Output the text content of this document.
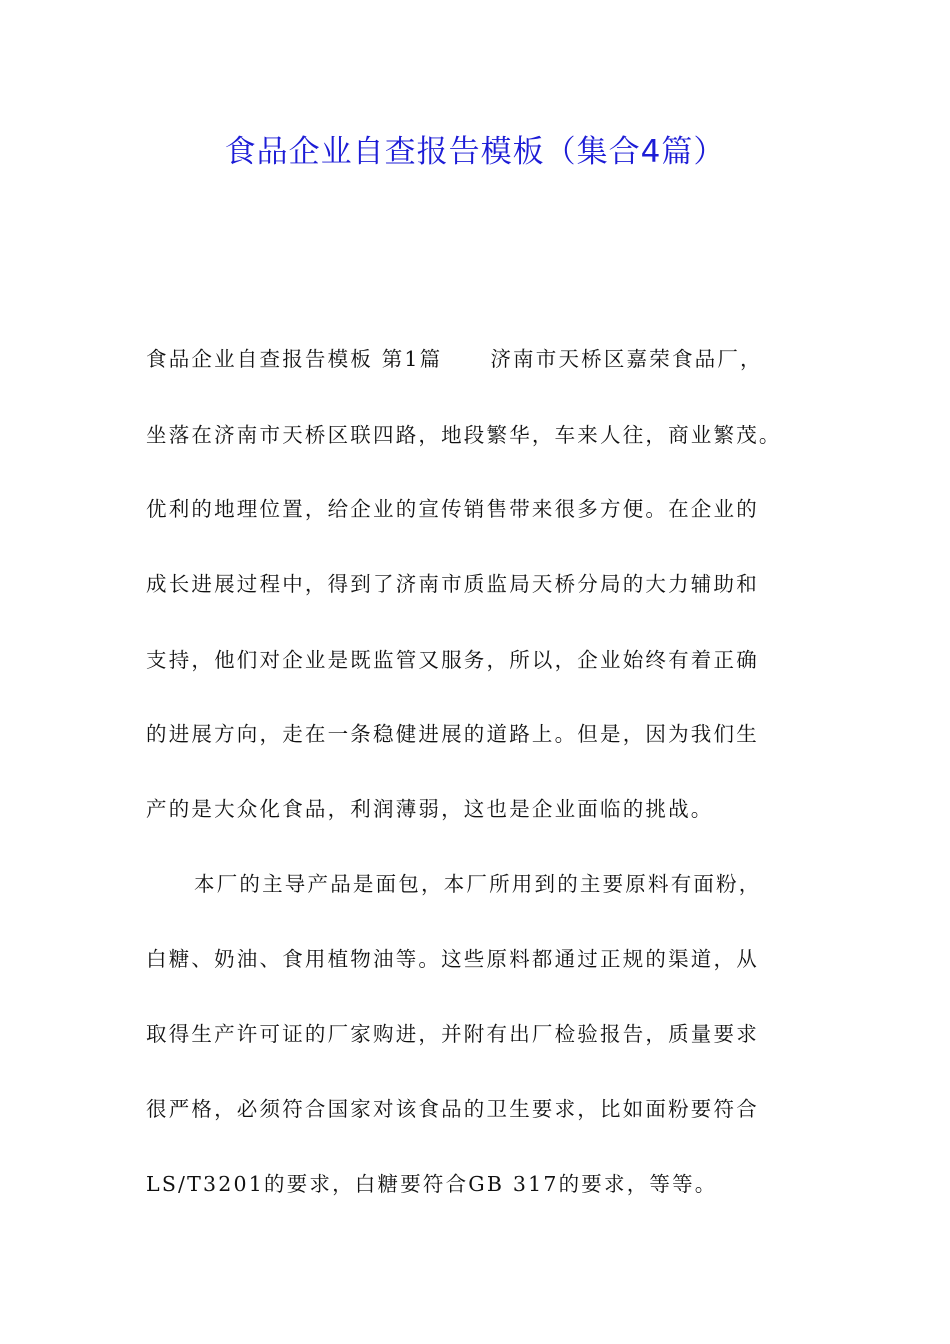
食品企业自查报告模板（集合4篇）
食品企业自查报告模板 第1篇 济南市天桥区嘉荣食品厂，
坐落在济南市天桥区联四路，地段繁华，车来人往，商业繁茂。
优利的地理位置，给企业的宣传销售带来很多方便。在企业的
成长进展过程中，得到了济南市质监局天桥分局的大力辅助和
支持，他们对企业是既监管又服务，所以，企业始终有着正确
的进展方向，走在一条稳健进展的道路上。但是，因为我们生
产的是大众化食品，利润薄弱，这也是企业面临的挑战。
本厂的主导产品是面包，本厂所用到的主要原料有面粉，
白糖、奶油、食用植物油等。这些原料都通过正规的渠道，从
取得生产许可证的厂家购进，并附有出厂检验报告，质量要求
很严格，必须符合国家对该食品的卫生要求，比如面粉要符合
LS/T3201的要求，白糖要符合GB 317的要求，等等。
